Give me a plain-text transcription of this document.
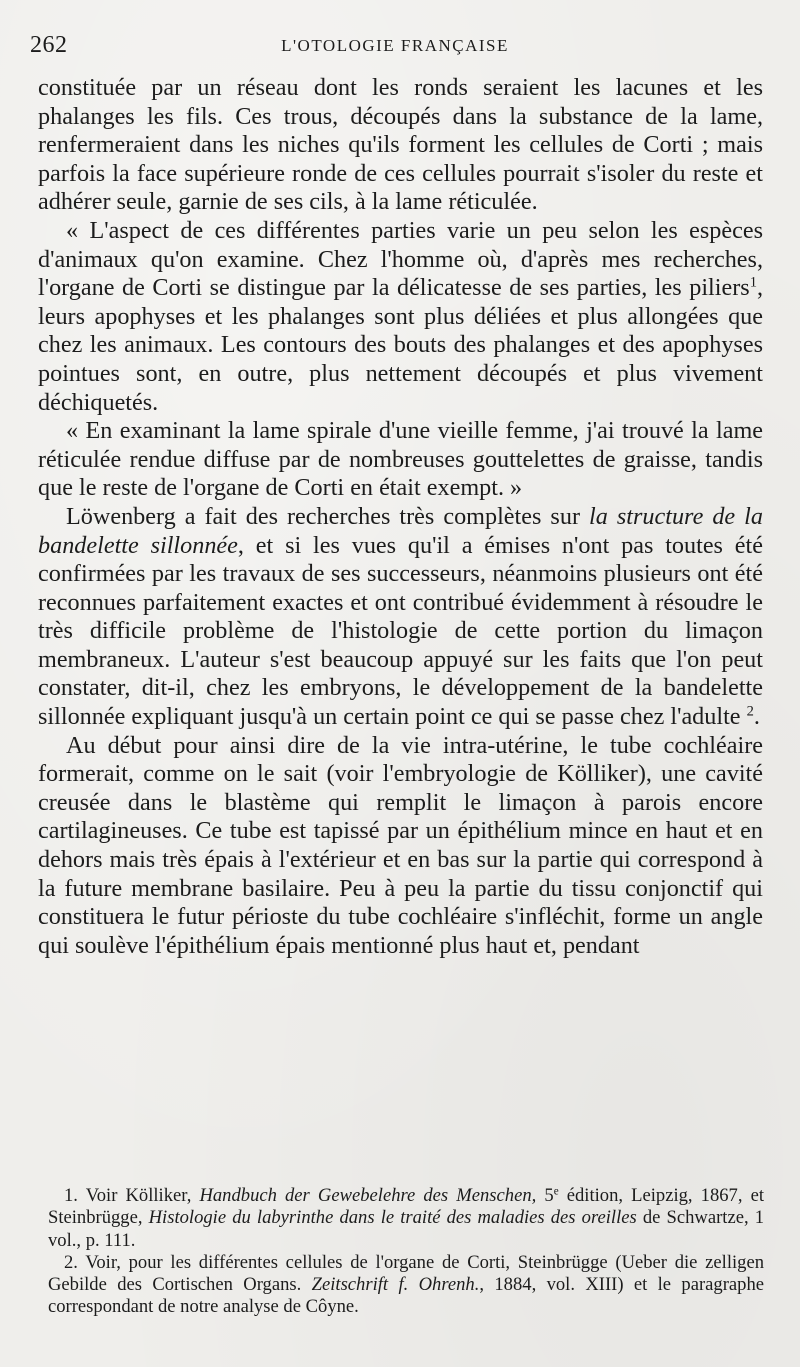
262	L'OTOLOGIE FRANÇAISE

constituée par un réseau dont les ronds seraient les lacunes et les phalanges les fils. Ces trous, découpés dans la substance de la lame, renfermeraient dans les niches qu'ils forment les cellules de Corti ; mais parfois la face supérieure ronde de ces cellules pourrait s'isoler du reste et adhérer seule, garnie de ses cils, à la lame réticulée.

« L'aspect de ces différentes parties varie un peu selon les espèces d'animaux qu'on examine. Chez l'homme où, d'après mes recherches, l'organe de Corti se distingue par la délicatesse de ses parties, les piliers$^1$, leurs apophyses et les phalanges sont plus déliées et plus allongées que chez les animaux. Les contours des bouts des phalanges et des apophyses pointues sont, en outre, plus nettement découpés et plus vivement déchiquetés.

« En examinant la lame spirale d'une vieille femme, j'ai trouvé la lame réticulée rendue diffuse par de nombreuses gouttelettes de graisse, tandis que le reste de l'organe de Corti en était exempt. »

Löwenberg a fait des recherches très complètes sur la structure de la bandelette sillonnée, et si les vues qu'il a émises n'ont pas toutes été confirmées par les travaux de ses successeurs, néanmoins plusieurs ont été reconnues parfaitement exactes et ont contribué évidemment à résoudre le très difficile problème de l'histologie de cette portion du limaçon membraneux. L'auteur s'est beaucoup appuyé sur les faits que l'on peut constater, dit-il, chez les embryons, le développement de la bandelette sillonnée expliquant jusqu'à un certain point ce qui se passe chez l'adulte $^2$.

Au début pour ainsi dire de la vie intra-utérine, le tube cochléaire formerait, comme on le sait (voir l'embryologie de Kölliker), une cavité creusée dans le blastème qui remplit le limaçon à parois encore cartilagineuses. Ce tube est tapissé par un épithélium mince en haut et en dehors mais très épais à l'extérieur et en bas sur la partie qui correspond à la future membrane basilaire. Peu à peu la partie du tissu conjonctif qui constituera le futur périoste du tube cochléaire s'infléchit, forme un angle qui soulève l'épithélium épais mentionné plus haut et, pendant

1. Voir Kölliker, Handbuch der Gewebelehre des Menschen, 5e édition, Leipzig, 1867, et Steinbrügge, Histologie du labyrinthe dans le traité des maladies des oreilles de Schwartze, 1 vol., p. 111.

2. Voir, pour les différentes cellules de l'organe de Corti, Steinbrügge (Ueber die zelligen Gebilde des Cortischen Organs. Zeitschrift f. Ohrenh., 1884, vol. XIII) et le paragraphe correspondant de notre analyse de Côyne.
